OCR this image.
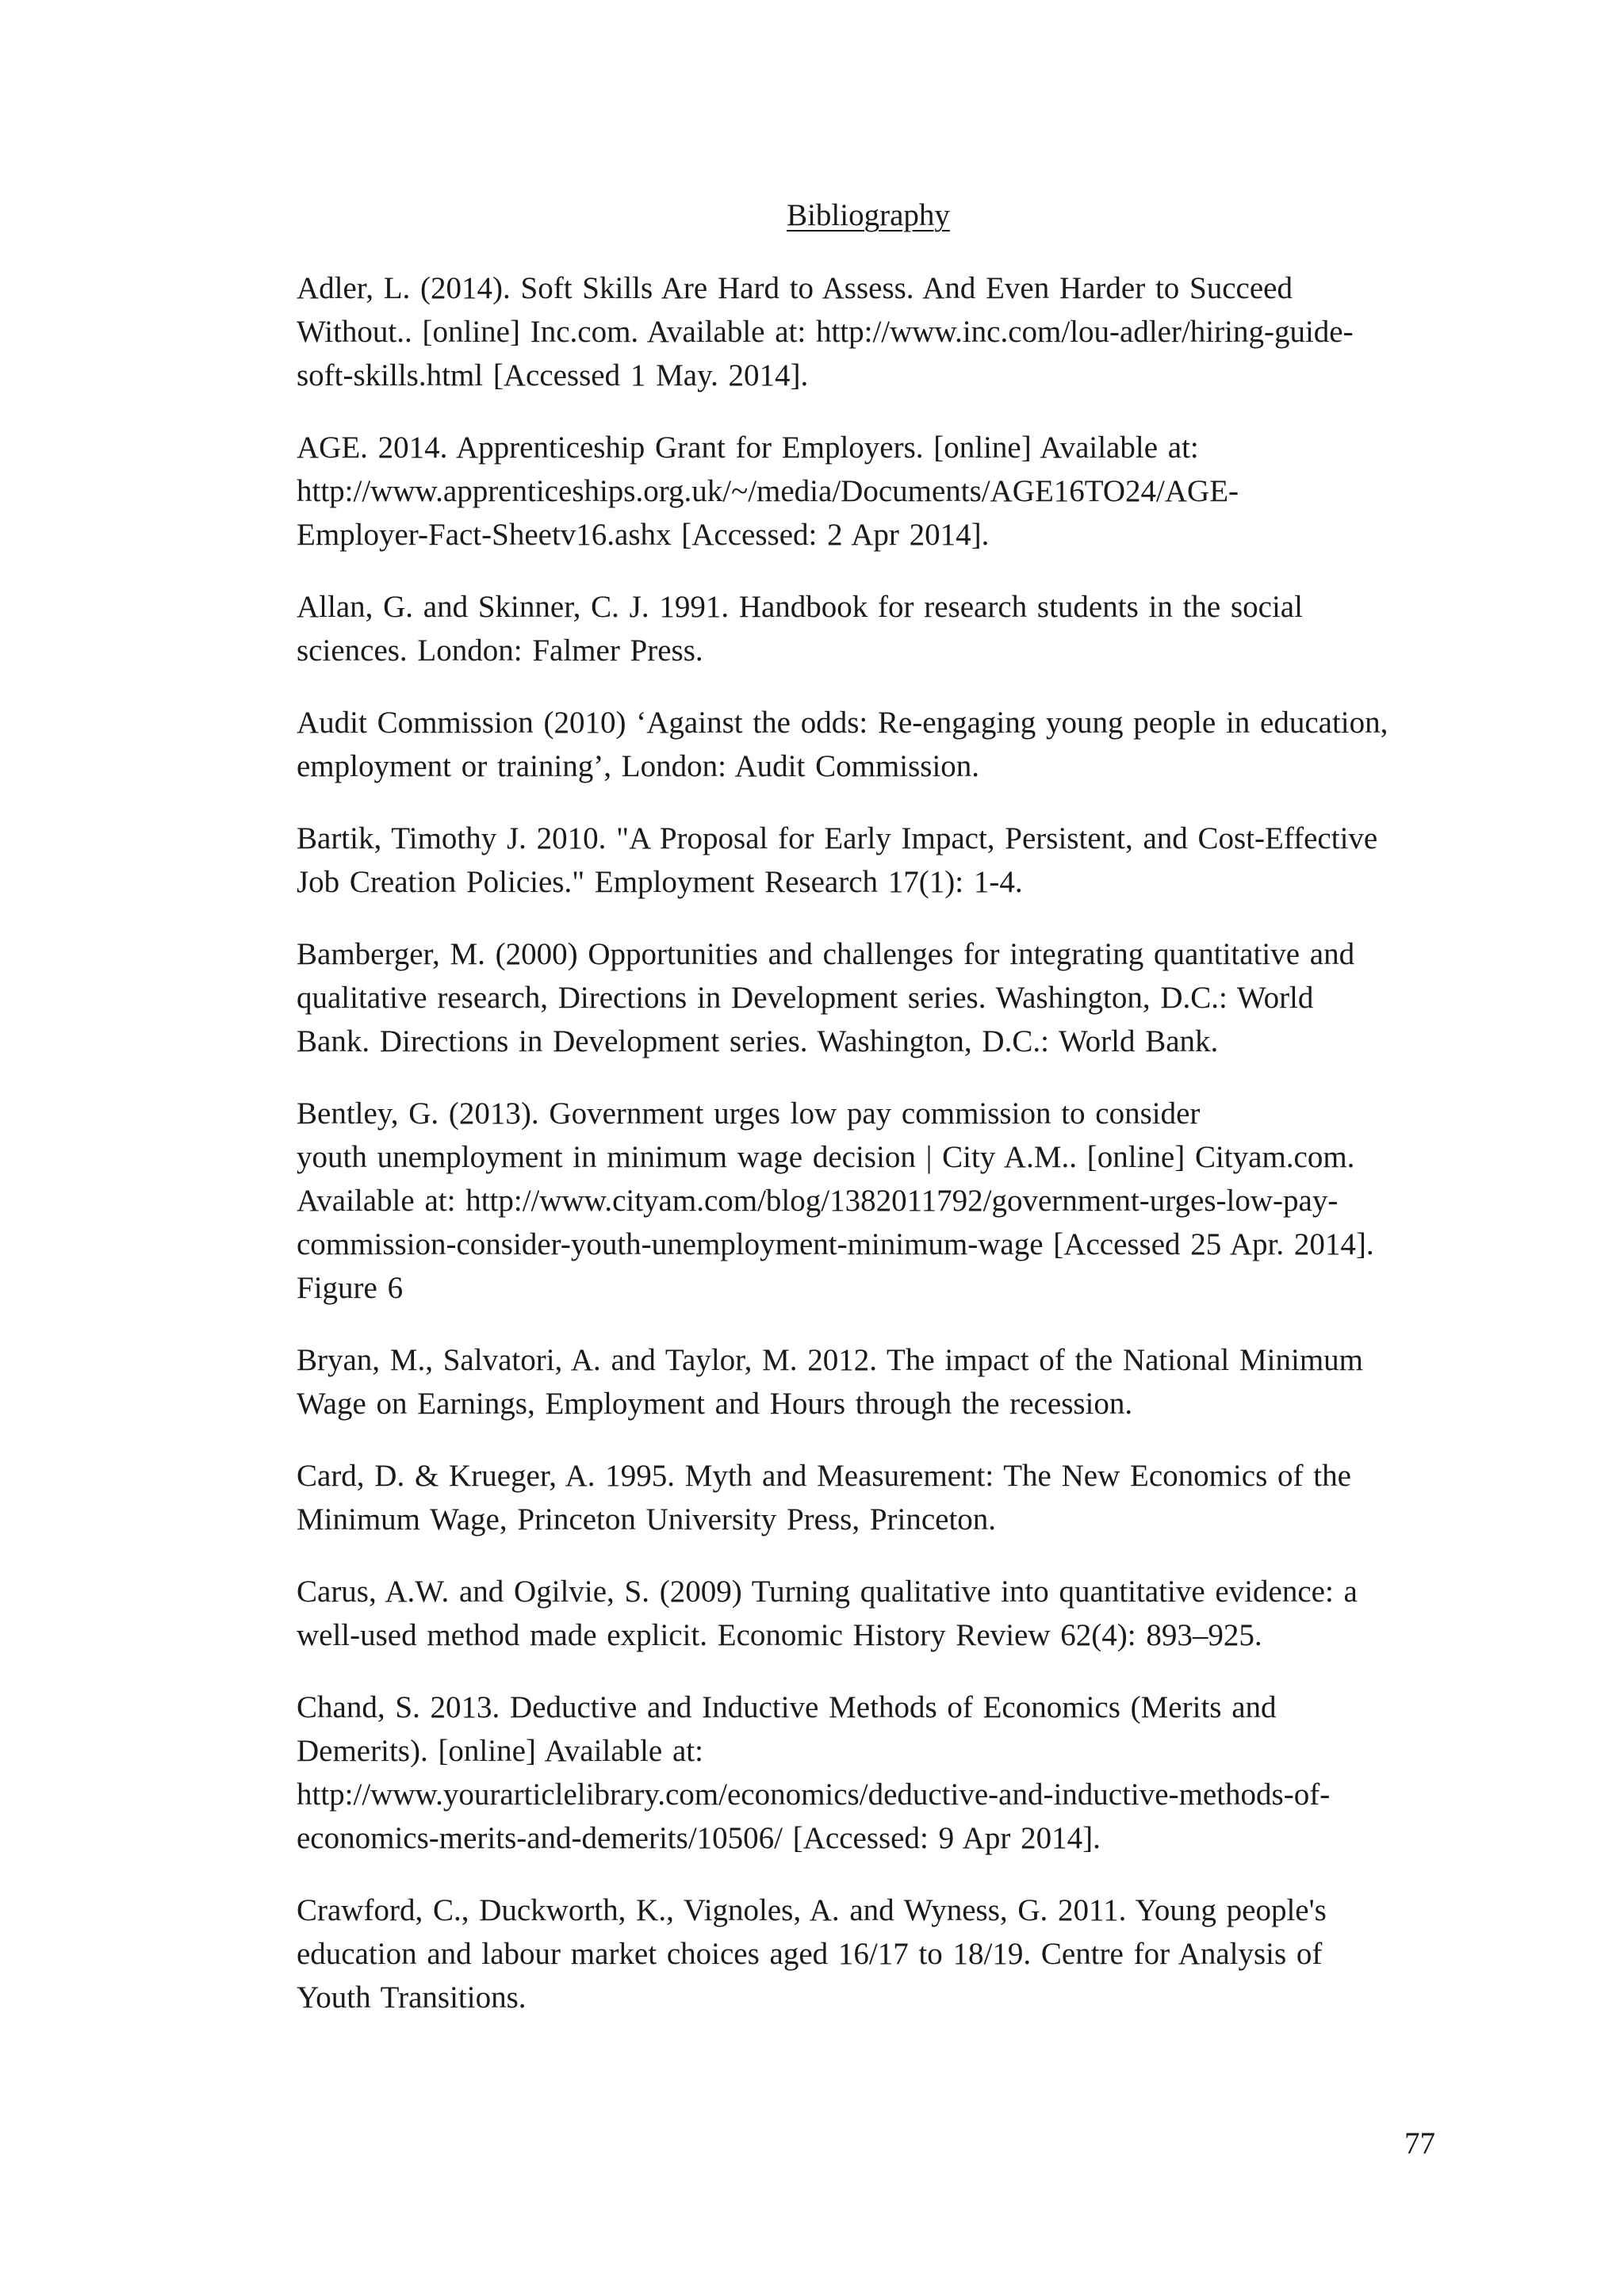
Bibliography
Adler, L. (2014). Soft Skills Are Hard to Assess. And Even Harder to Succeed
Without.. [online] Inc.com. Available at: http://www.inc.com/lou-adler/hiring-guide-
soft-skills.html [Accessed 1 May. 2014].
AGE. 2014. Apprenticeship Grant for Employers. [online] Available at:
http://www.apprenticeships.org.uk/~/media/Documents/AGE16TO24/AGE-
Employer-Fact-Sheetv16.ashx [Accessed: 2 Apr 2014].
Allan, G. and Skinner, C. J. 1991. Handbook for research students in the social
sciences. London: Falmer Press.
Audit Commission (2010) ‘Against the odds: Re-engaging young people in education,
employment or training’, London: Audit Commission.
Bartik, Timothy J. 2010. "A Proposal for Early Impact, Persistent, and Cost-Effective
Job Creation Policies." Employment Research 17(1): 1-4.
Bamberger, M. (2000) Opportunities and challenges for integrating quantitative and
qualitative research, Directions in Development series. Washington, D.C.: World
Bank. Directions in Development series. Washington, D.C.: World Bank.
Bentley, G. (2013). Government urges low pay commission to consider
youth unemployment in minimum wage decision | City A.M.. [online] Cityam.com.
Available at: http://www.cityam.com/blog/1382011792/government-urges-low-pay-
commission-consider-youth-unemployment-minimum-wage [Accessed 25 Apr. 2014].
Figure 6
Bryan, M., Salvatori, A. and Taylor, M. 2012. The impact of the National Minimum
Wage on Earnings, Employment and Hours through the recession.
Card, D. & Krueger, A. 1995. Myth and Measurement: The New Economics of the
Minimum Wage, Princeton University Press, Princeton.
Carus, A.W. and Ogilvie, S. (2009) Turning qualitative into quantitative evidence: a
well-used method made explicit. Economic History Review 62(4): 893–925.
Chand, S. 2013. Deductive and Inductive Methods of Economics (Merits and
Demerits). [online] Available at:
http://www.yourarticlelibrary.com/economics/deductive-and-inductive-methods-of-
economics-merits-and-demerits/10506/ [Accessed: 9 Apr 2014].
Crawford, C., Duckworth, K., Vignoles, A. and Wyness, G. 2011. Young people's
education and labour market choices aged 16/17 to 18/19. Centre for Analysis of
Youth Transitions.
77
